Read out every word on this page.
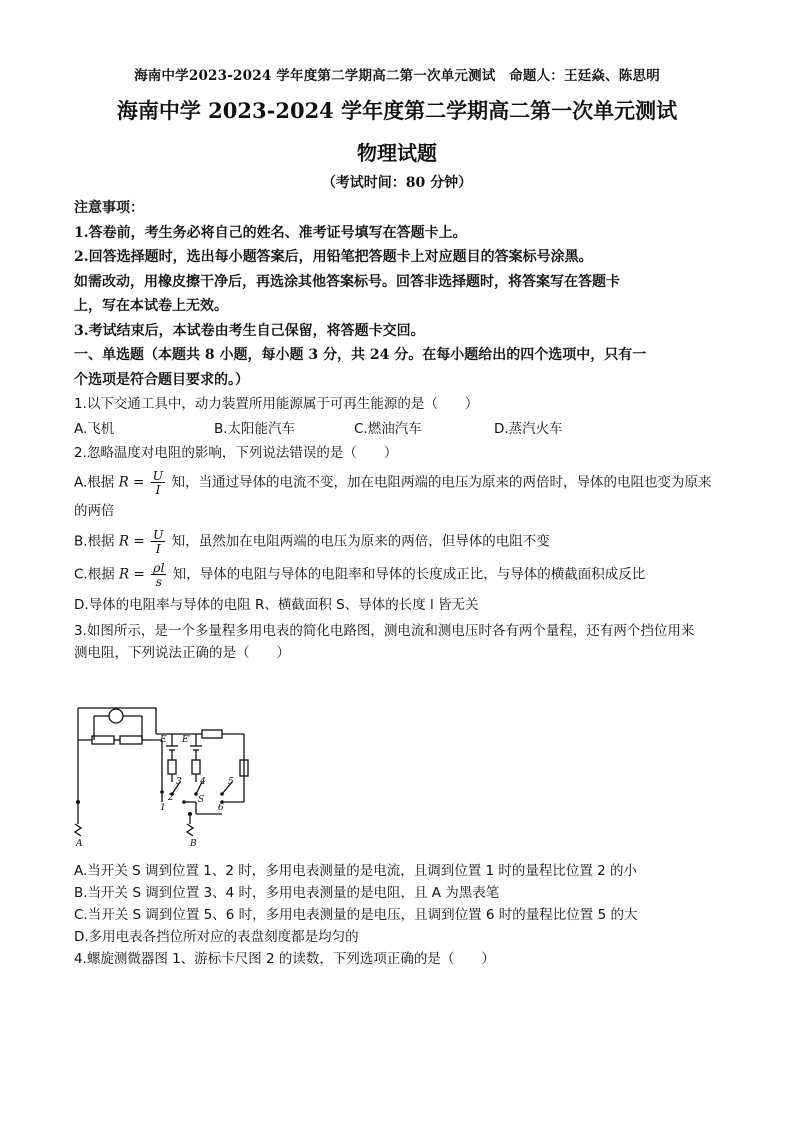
海南中学2023-2024 学年度第二学期高二第一次单元测试　命题人：王廷焱、陈思明
海南中学 2023-2024 学年度第二学期高二第一次单元测试
物理试题
（考试时间：80 分钟）
注意事项：
1.答卷前，考生务必将自己的姓名、准考证号填写在答题卡上。
2.回答选择题时，选出每小题答案后，用铅笔把答题卡上对应题目的答案标号涂黑。
如需改动，用橡皮擦干净后，再选涂其他答案标号。回答非选择题时，将答案写在答题卡
上，写在本试卷上无效。
3.考试结束后，本试卷由考生自己保留，将答题卡交回。
一、单选题（本题共 8 小题，每小题 3 分，共 24 分。在每小题给出的四个选项中，只有一
个选项是符合题目要求的。）
1.以下交通工具中，动力装置所用能源属于可再生能源的是（　　）
A.飞机	B.太阳能汽车	C.燃油汽车	D.蒸汽火车
2.忽略温度对电阻的影响，下列说法错误的是（　　）
A.根据 $R = \frac{U}{I}$ 知，当通过导体的电流不变，加在电阻两端的电压为原来的两倍时，导体的电阻也变为原来
的两倍
B.根据 $R = \frac{U}{I}$ 知，虽然加在电阻两端的电压为原来的两倍，但导体的电阻不变
C.根据 $R = \frac{\rho l}{s}$ 知，导体的电阻与导体的电阻率和导体的长度成正比，与导体的横截面积成反比
D.导体的电阻率与导体的电阻 R、横截面积 S、导体的长度 l 皆无关
3.如图所示，是一个多量程多用电表的简化电路图，测电流和测电压时各有两个量程，还有两个挡位用来
测电阻，下列说法正确的是（　　）
E E′
3 4 5
1
2	S
6
A	B
A.当开关 S 调到位置 1、2 时，多用电表测量的是电流，且调到位置 1 时的量程比位置 2 的小
B.当开关 S 调到位置 3、4 时，多用电表测量的是电阻，且 A 为黑表笔
C.当开关 S 调到位置 5、6 时，多用电表测量的是电压，且调到位置 6 时的量程比位置 5 的大
D.多用电表各挡位所对应的表盘刻度都是均匀的
4.螺旋测微器图 1、游标卡尺图 2 的读数，下列选项正确的是（　　）
